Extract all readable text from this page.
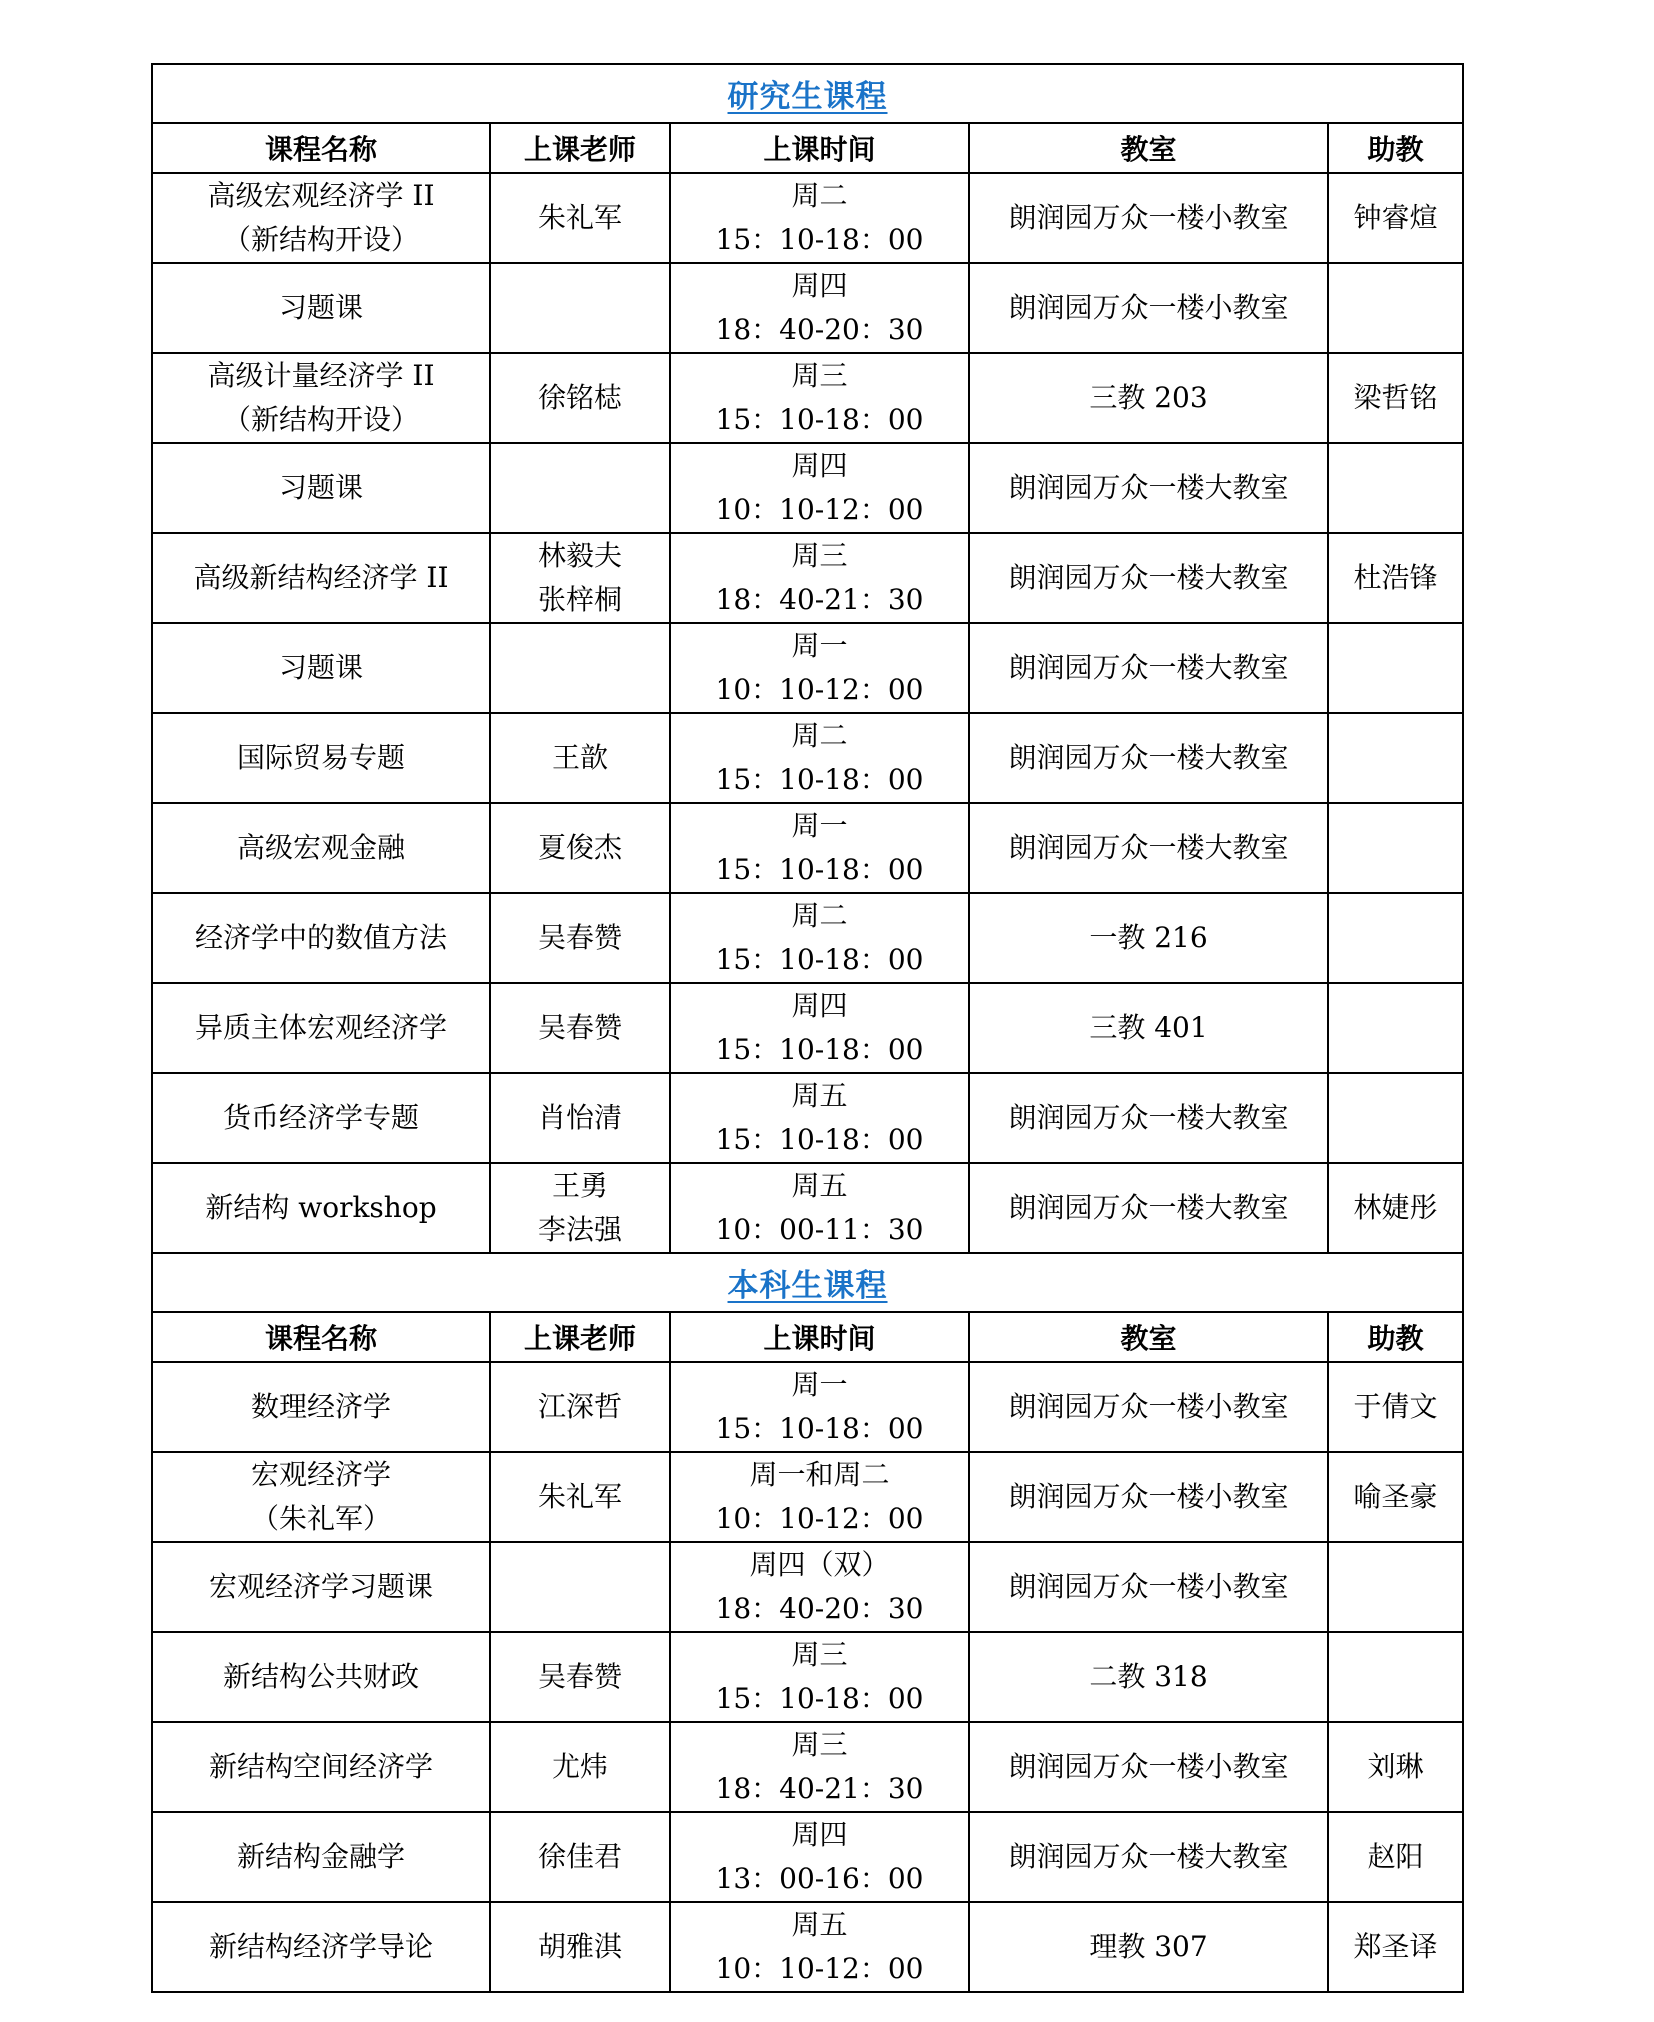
研究生课程				
课程名称	上课老师	上课时间	教室	助教

高级宏观经济学 II
（新结构开设）	朱礼军	周二
15：10-18：00	朗润园万众一楼小教室	钟睿煊

习题课		周四
18：40-20：30	朗润园万众一楼小教室	

高级计量经济学 II
（新结构开设）	徐铭梽	周三
15：10-18：00	三教 203	梁哲铭

习题课		周四
10：10-12：00	朗润园万众一楼大教室	

高级新结构经济学 II	林毅夫
张梓桐	周三
18：40-21：30	朗润园万众一楼大教室	杜浩锋

习题课		周一
10：10-12：00	朗润园万众一楼大教室	

国际贸易专题	王歆	周二
15：10-18：00	朗润园万众一楼大教室	

高级宏观金融	夏俊杰	周一
15：10-18：00	朗润园万众一楼大教室	

经济学中的数值方法	吴春赞	周二
15：10-18：00	一教 216	

异质主体宏观经济学	吴春赞	周四
15：10-18：00	三教 401	

货币经济学专题	肖怡清	周五
15：10-18：00	朗润园万众一楼大教室	

新结构 workshop	王勇
李法强	周五
10：00-11：30	朗润园万众一楼大教室	林婕彤

本科生课程				
课程名称	上课老师	上课时间	教室	助教

数理经济学	江深哲	周一
15：10-18：00	朗润园万众一楼小教室	于倩文

宏观经济学
（朱礼军）	朱礼军	周一和周二
10：10-12：00	朗润园万众一楼小教室	喻圣豪

宏观经济学习题课		周四（双）
18：40-20：30	朗润园万众一楼小教室	

新结构公共财政	吴春赞	周三
15：10-18：00	二教 318	

新结构空间经济学	尤炜	周三
18：40-21：30	朗润园万众一楼小教室	刘琳

新结构金融学	徐佳君	周四
13：00-16：00	朗润园万众一楼大教室	赵阳

新结构经济学导论	胡雅淇	周五
10：10-12：00	理教 307	郑圣译
